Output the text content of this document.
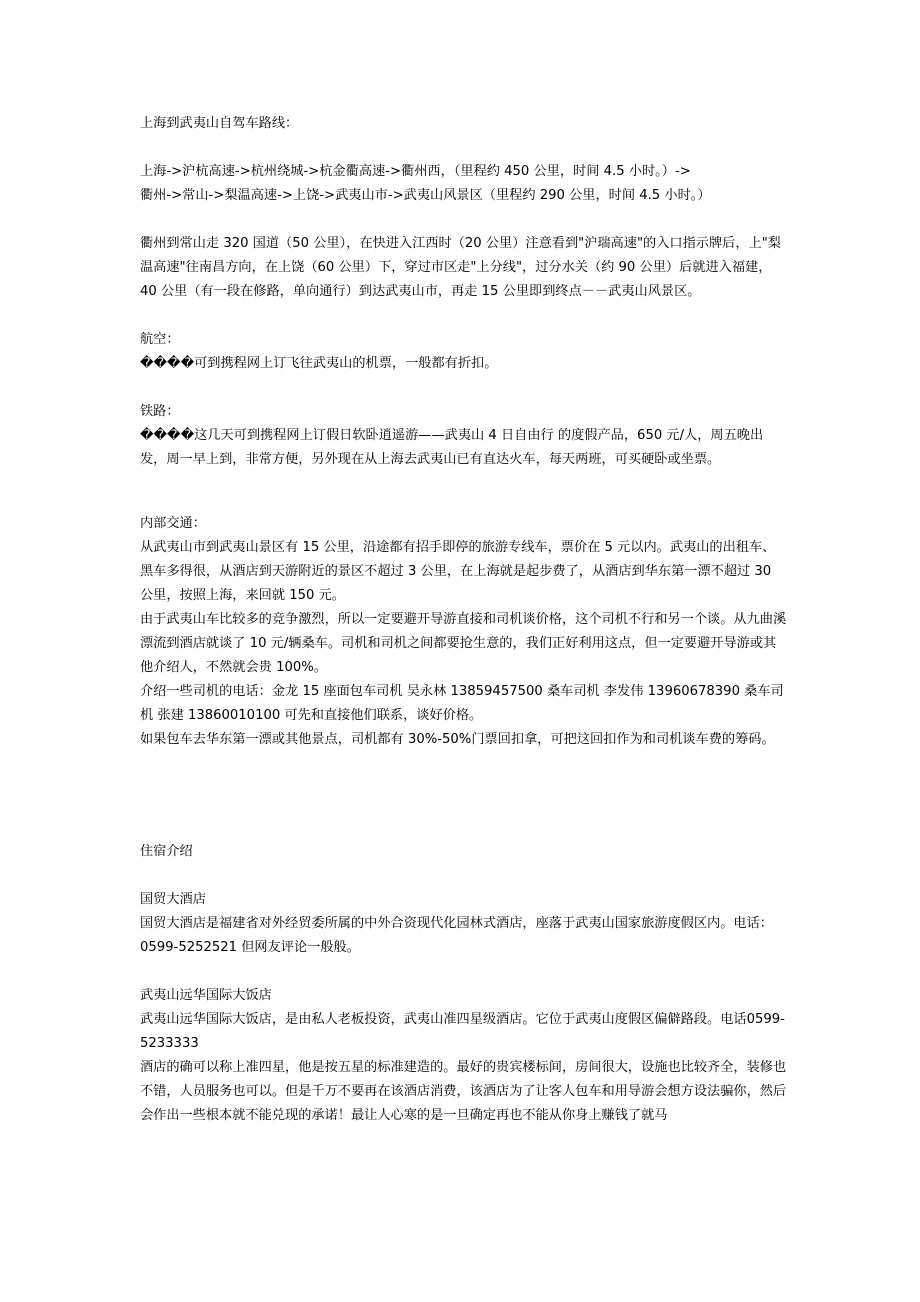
上海到武夷山自驾车路线：

上海->沪杭高速->杭州绕城->杭金衢高速->衢州西，（里程约 450 公里，时间 4.5 小时。）->

衢州->常山->梨温高速->上饶->武夷山市->武夷山风景区（里程约 290 公里，时间 4.5 小时。）

衢州到常山走 320 国道（50 公里），在快进入江西时（20 公里）注意看到"沪瑞高速"的入口指示牌后，上"梨温高速"往南昌方向，在上饶（60 公里）下，穿过市区走"上分线"，过分水关（约 90 公里）后就进入福建，40 公里（有一段在修路，单向通行）到达武夷山市，再走 15 公里即到终点－－武夷山风景区。

航空：

����可到携程网上订飞往武夷山的机票，一般都有折扣。

铁路：

����这几天可到携程网上订假日软卧逍遥游——武夷山 4 日自由行 的度假产品，650 元/人，周五晚出发，周一早上到，非常方便，另外现在从上海去武夷山已有直达火车，每天两班，可买硬卧或坐票。

内部交通：

从武夷山市到武夷山景区有 15 公里，沿途都有招手即停的旅游专线车，票价在 5 元以内。武夷山的出租车、黑车多得很，从酒店到天游附近的景区不超过 3 公里，在上海就是起步费了，从酒店到华东第一漂不超过 30 公里，按照上海，来回就 150 元。

由于武夷山车比较多的竞争激烈，所以一定要避开导游直接和司机谈价格，这个司机不行和另一个谈。从九曲溪漂流到酒店就谈了 10 元/辆桑车。司机和司机之间都要抢生意的，我们正好利用这点，但一定要避开导游或其他介绍人，不然就会贵 100%。

介绍一些司机的电话：金龙 15 座面包车司机 吴永林 13859457500 桑车司机 李发伟 13960678390 桑车司机 张建 13860010100 可先和直接他们联系，谈好价格。

如果包车去华东第一漂或其他景点，司机都有 30%-50%门票回扣拿，可把这回扣作为和司机谈车费的筹码。

住宿介绍

国贸大酒店

国贸大酒店是福建省对外经贸委所属的中外合资现代化园林式酒店，座落于武夷山国家旅游度假区内。电话：0599-5252521 但网友评论一般般。

武夷山远华国际大饭店

武夷山远华国际大饭店，是由私人老板投资，武夷山准四星级酒店。它位于武夷山度假区偏僻路段。电话0599-5233333

酒店的确可以称上准四星，他是按五星的标准建造的。最好的贵宾楼标间，房间很大，设施也比较齐全，装修也不错，人员服务也可以。但是千万不要再在该酒店消费，该酒店为了让客人包车和用导游会想方设法骗你，然后会作出一些根本就不能兑现的承诺！最让人心寒的是一旦确定再也不能从你身上赚钱了就马
